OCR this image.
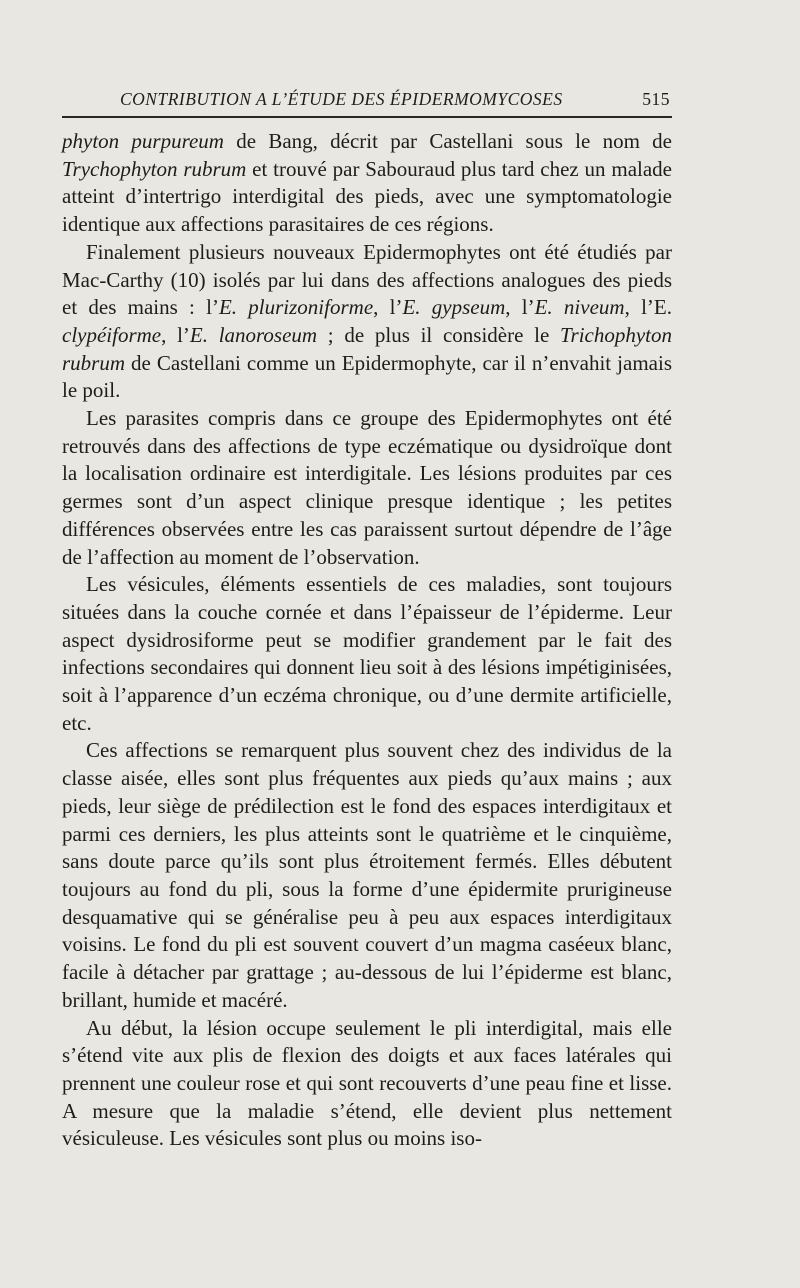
CONTRIBUTION A L’ÉTUDE DES ÉPIDERMOMYCOSES	515

phyton purpureum de Bang, décrit par Castellani sous le nom de Trychophyton rubrum et trouvé par Sabouraud plus tard chez un malade atteint d’intertrigo interdigital des pieds, avec une symptomatologie identique aux affections parasitaires de ces régions.

Finalement plusieurs nouveaux Epidermophytes ont été étudiés par Mac-Carthy (10) isolés par lui dans des affections analogues des pieds et des mains : l’E. plurizoniforme, l’E. gypseum, l’E. niveum, l’E. clypéiforme, l’E. lanoroseum ; de plus il considère le Trichophyton rubrum de Castellani comme un Epidermophyte, car il n’envahit jamais le poil.

Les parasites compris dans ce groupe des Epidermophytes ont été retrouvés dans des affections de type eczématique ou dysidroïque dont la localisation ordinaire est interdigitale. Les lésions produites par ces germes sont d’un aspect clinique presque identique ; les petites différences observées entre les cas paraissent surtout dépendre de l’âge de l’affection au moment de l’observation.

Les vésicules, éléments essentiels de ces maladies, sont toujours situées dans la couche cornée et dans l’épaisseur de l’épiderme. Leur aspect dysidrosiforme peut se modifier grandement par le fait des infections secondaires qui donnent lieu soit à des lésions impétiginisées, soit à l’apparence d’un eczéma chronique, ou d’une dermite artificielle, etc.

Ces affections se remarquent plus souvent chez des individus de la classe aisée, elles sont plus fréquentes aux pieds qu’aux mains ; aux pieds, leur siège de prédilection est le fond des espaces interdigitaux et parmi ces derniers, les plus atteints sont le quatrième et le cinquième, sans doute parce qu’ils sont plus étroitement fermés. Elles débutent toujours au fond du pli, sous la forme d’une épidermite prurigineuse desquamative qui se généralise peu à peu aux espaces interdigitaux voisins. Le fond du pli est souvent couvert d’un magma caséeux blanc, facile à détacher par grattage ; au-dessous de lui l’épiderme est blanc, brillant, humide et macéré.

Au début, la lésion occupe seulement le pli interdigital, mais elle s’étend vite aux plis de flexion des doigts et aux faces latérales qui prennent une couleur rose et qui sont recouverts d’une peau fine et lisse. A mesure que la maladie s’étend, elle devient plus nettement vésiculeuse. Les vésicules sont plus ou moins iso-
